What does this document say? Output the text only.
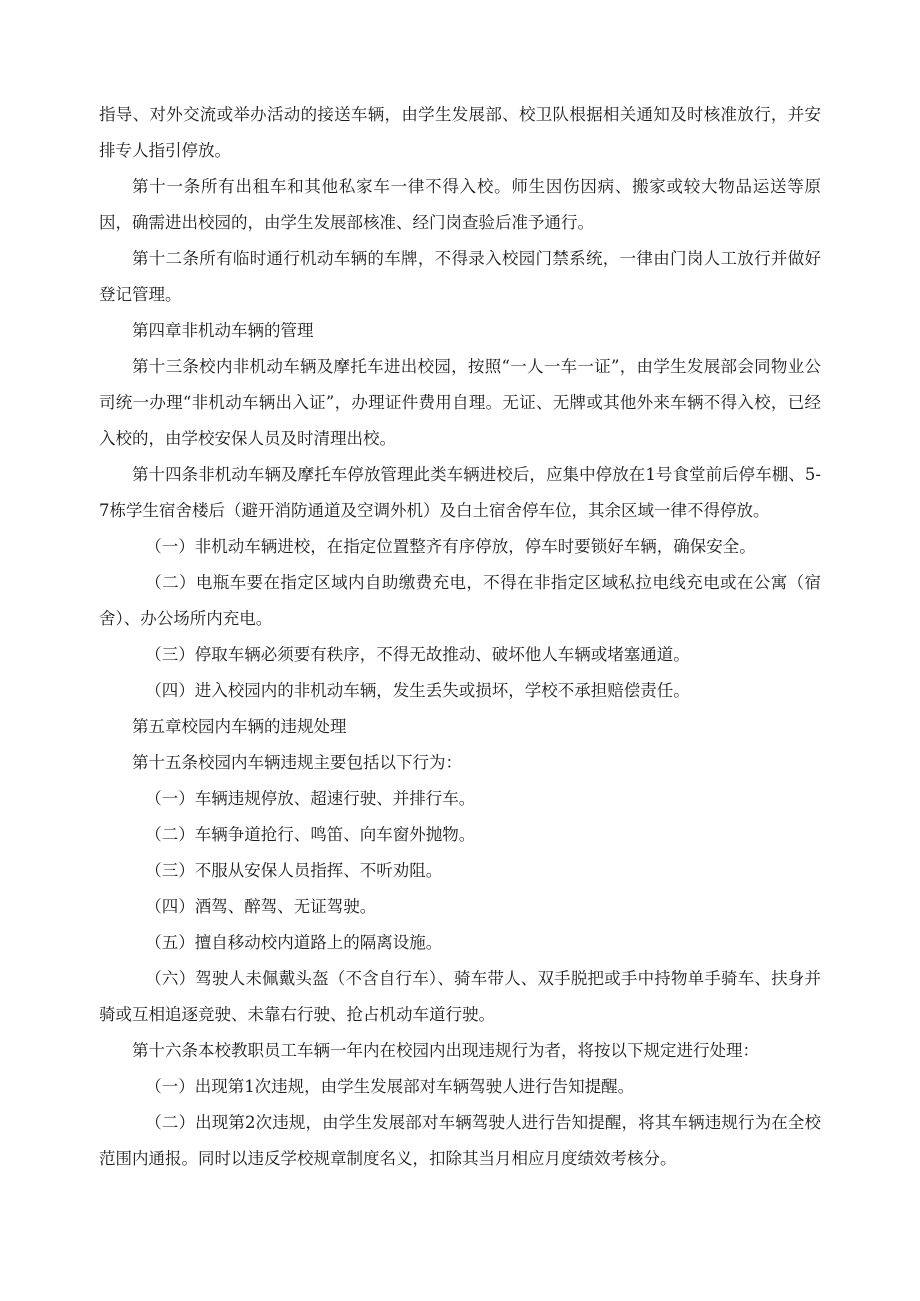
指导、对外交流或举办活动的接送车辆，由学生发展部、校卫队根据相关通知及时核准放行，并安排专人指引停放。

第十一条所有出租车和其他私家车一律不得入校。师生因伤因病、搬家或较大物品运送等原因，确需进出校园的，由学生发展部核准、经门岗查验后准予通行。

第十二条所有临时通行机动车辆的车牌，不得录入校园门禁系统，一律由门岗人工放行并做好登记管理。

第四章非机动车辆的管理

第十三条校内非机动车辆及摩托车进出校园，按照“一人一车一证”，由学生发展部会同物业公司统一办理“非机动车辆出入证”，办理证件费用自理。无证、无牌或其他外来车辆不得入校，已经入校的，由学校安保人员及时清理出校。

第十四条非机动车辆及摩托车停放管理此类车辆进校后，应集中停放在1号食堂前后停车棚、5-7栋学生宿舍楼后（避开消防通道及空调外机）及白土宿舍停车位，其余区域一律不得停放。

（一）非机动车辆进校，在指定位置整齐有序停放，停车时要锁好车辆，确保安全。

（二）电瓶车要在指定区域内自助缴费充电，不得在非指定区域私拉电线充电或在公寓（宿舍）、办公场所内充电。

（三）停取车辆必须要有秩序，不得无故推动、破坏他人车辆或堵塞通道。

（四）进入校园内的非机动车辆，发生丢失或损坏，学校不承担赔偿责任。

第五章校园内车辆的违规处理

第十五条校园内车辆违规主要包括以下行为：

（一）车辆违规停放、超速行驶、并排行车。

（二）车辆争道抢行、鸣笛、向车窗外抛物。

（三）不服从安保人员指挥、不听劝阻。

（四）酒驾、醉驾、无证驾驶。

（五）擅自移动校内道路上的隔离设施。

（六）驾驶人未佩戴头盔（不含自行车）、骑车带人、双手脱把或手中持物单手骑车、扶身并骑或互相追逐竞驶、未靠右行驶、抢占机动车道行驶。

第十六条本校教职员工车辆一年内在校园内出现违规行为者，将按以下规定进行处理：

（一）出现第1次违规，由学生发展部对车辆驾驶人进行告知提醒。

（二）出现第2次违规，由学生发展部对车辆驾驶人进行告知提醒，将其车辆违规行为在全校范围内通报。同时以违反学校规章制度名义，扣除其当月相应月度绩效考核分。
